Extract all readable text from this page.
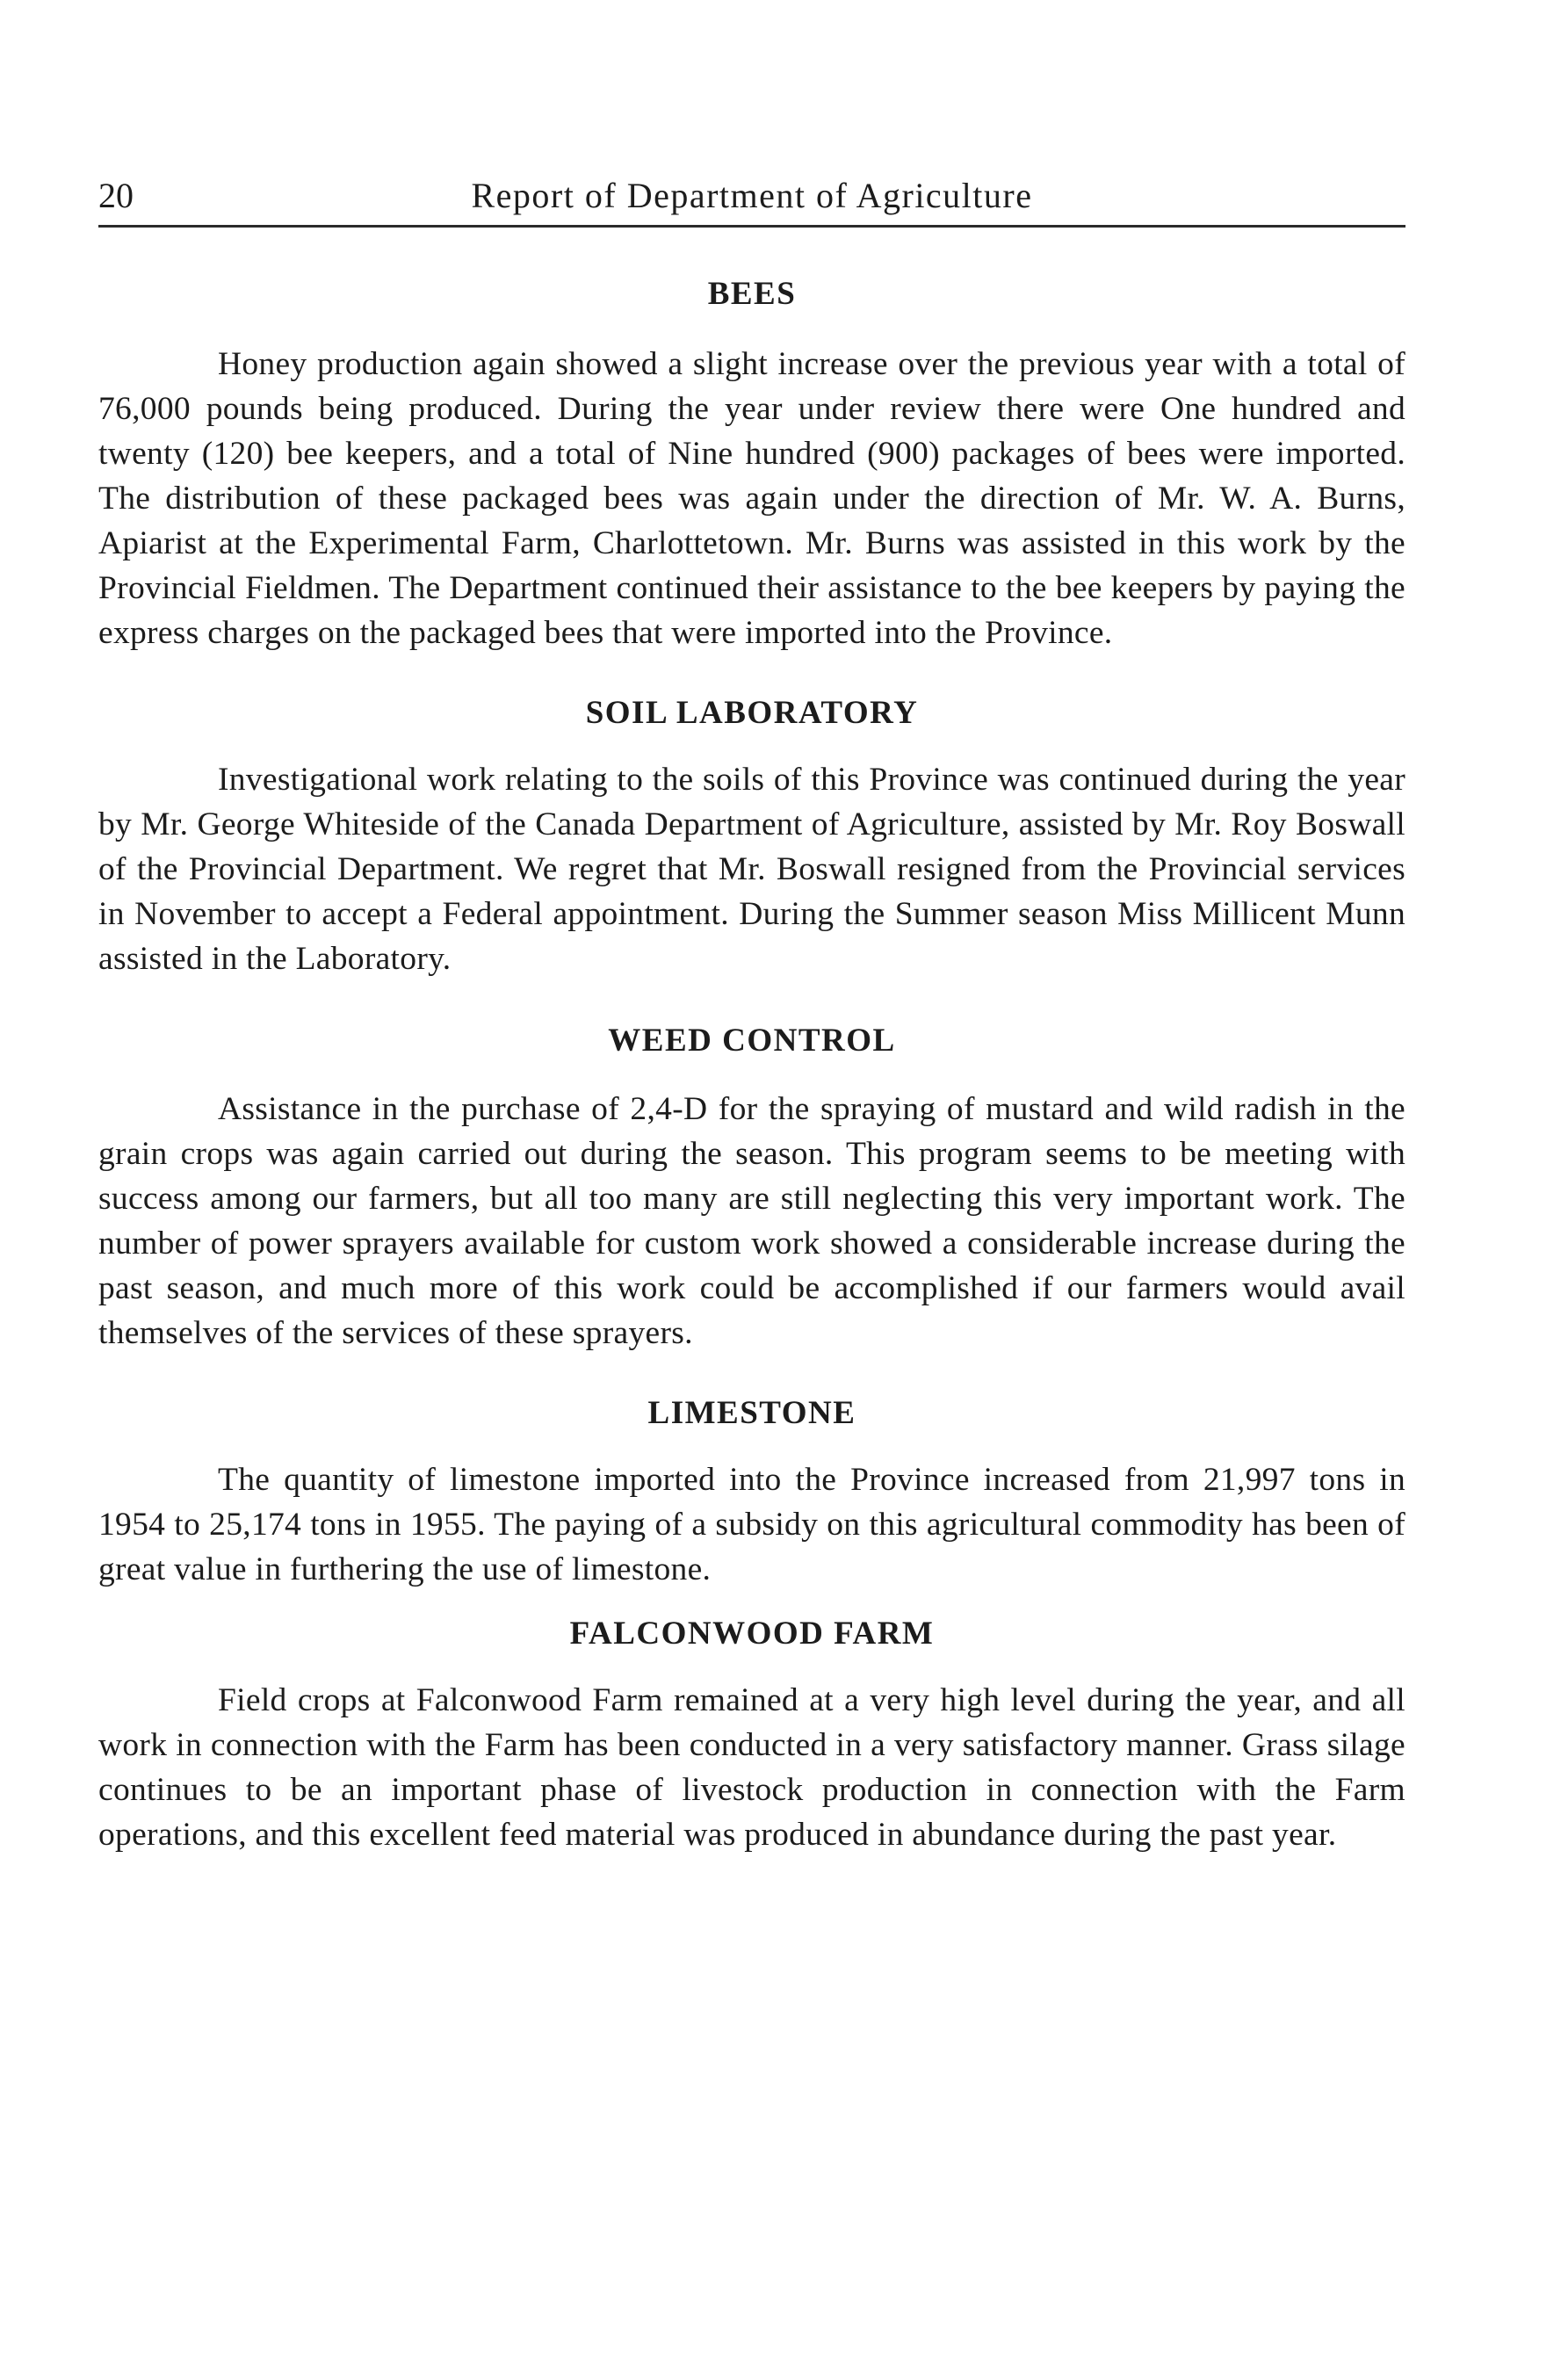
20	Report of Department of Agriculture
BEES

Honey production again showed a slight increase over the previous year with a total of 76,000 pounds being produced. During the year under review there were One hundred and twenty (120) bee keepers, and a total of Nine hundred (900) packages of bees were imported. The distribution of these packaged bees was again under the direction of Mr. W. A. Burns, Apiarist at the Experimental Farm, Charlottetown. Mr. Burns was assisted in this work by the Provincial Fieldmen. The Department continued their assistance to the bee keepers by paying the express charges on the packaged bees that were imported into the Province.

SOIL LABORATORY

Investigational work relating to the soils of this Province was continued during the year by Mr. George Whiteside of the Canada Department of Agriculture, assisted by Mr. Roy Boswall of the Provincial Department. We regret that Mr. Boswall resigned from the Provincial services in November to accept a Federal appointment. During the Summer season Miss Millicent Munn assisted in the Laboratory.

WEED CONTROL

Assistance in the purchase of 2,4-D for the spraying of mustard and wild radish in the grain crops was again carried out during the season. This program seems to be meeting with success among our farmers, but all too many are still neglecting this very important work. The number of power sprayers available for custom work showed a considerable increase during the past season, and much more of this work could be accomplished if our farmers would avail themselves of the services of these sprayers.

LIMESTONE

The quantity of limestone imported into the Province increased from 21,997 tons in 1954 to 25,174 tons in 1955. The paying of a subsidy on this agricultural commodity has been of great value in furthering the use of limestone.

FALCONWOOD FARM

Field crops at Falconwood Farm remained at a very high level during the year, and all work in connection with the Farm has been conducted in a very satisfactory manner. Grass silage continues to be an important phase of livestock production in connection with the Farm operations, and this excellent feed material was produced in abundance during the past year.
